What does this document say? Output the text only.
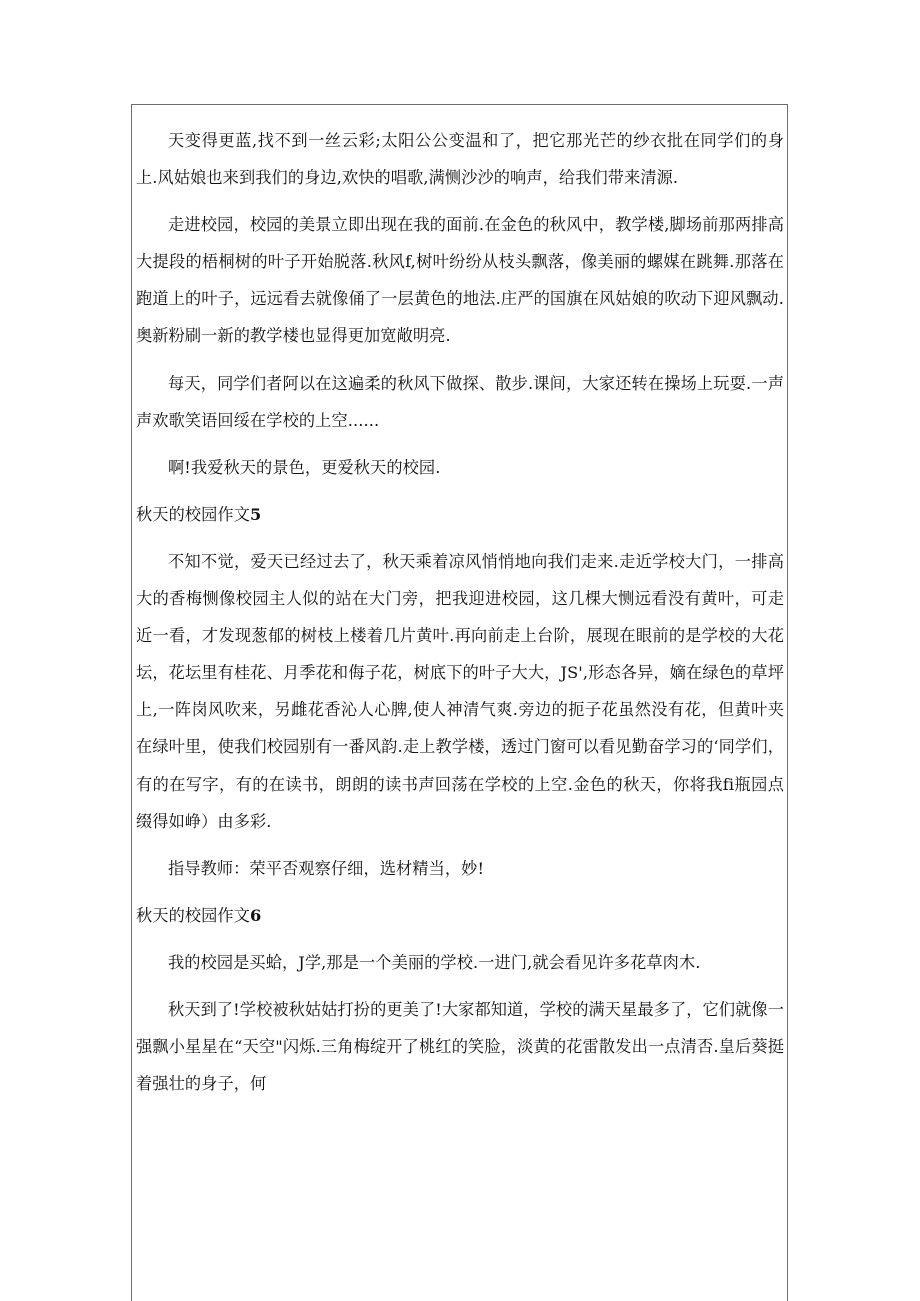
天变得更蓝,找不到一丝云彩;太阳公公变温和了，把它那光芒的纱衣批在同学们的身上.风姑娘也来到我们的身边,欢快的唱歌,满恻沙沙的响声，给我们带来清源.

走进校园，校园的美景立即出现在我的面前.在金色的秋风中，教学楼,脚场前那两排高大提段的梧桐树的叶子开始脱落.秋风f,树叶纷纷从枝头飘落，像美丽的螺媒在跳舞.那落在跑道上的叶子，远远看去就像俑了一层黄色的地法.庄严的国旗在风姑娘的吹动下迎风飘动.奥新粉刷一新的教学楼也显得更加宽敞明亮.

每天，同学们者阿以在这遍柔的秋风下做探、散步.课间，大家还转在操场上玩耍.一声声欢歌笑语回绥在学校的上空......

啊!我爱秋天的景色，更爱秋天的校园.

秋天的校园作文5

不知不觉，爱天已经过去了，秋天乘着凉风悄悄地向我们走来.走近学校大门，一排高大的香梅恻像校园主人似的站在大门旁，把我迎进校园，这几棵大恻远看没有黄叶，可走近一看，才发现葱郁的树枝上楼着几片黄叶.再向前走上台阶，展现在眼前的是学校的大花坛，花坛里有桂花、月季花和侮子花，树底下的叶子大大，JS',形态各异，嫡在绿色的草坪上,一阵岗风吹来，另雌花香沁人心脾,使人神清气爽.旁边的扼子花虽然没有花，但黄叶夹在绿叶里，使我们校园别有一番风韵.走上教学楼，透过门窗可以看见勤奋学习的‘同学们，有的在写字，有的在读书，朗朗的读书声回荡在学校的上空.金色的秋天，你将我fi瓶园点缀得如峥）由多彩.

指导教师：荣平否观察仔细，选材精当，妙!

秋天的校园作文6

我的校园是买蛤，J学,那是一个美丽的学校.一进门,就会看见许多花草肉木.

秋天到了!学校被秋姑姑打扮的更美了!大家都知道，学校的满天星最多了，它们就像一强飘小星星在“天空"闪烁.三角梅绽开了桃红的笑脸，淡黄的花雷散发出一点清否.皇后葵挺着强壮的身子，何
